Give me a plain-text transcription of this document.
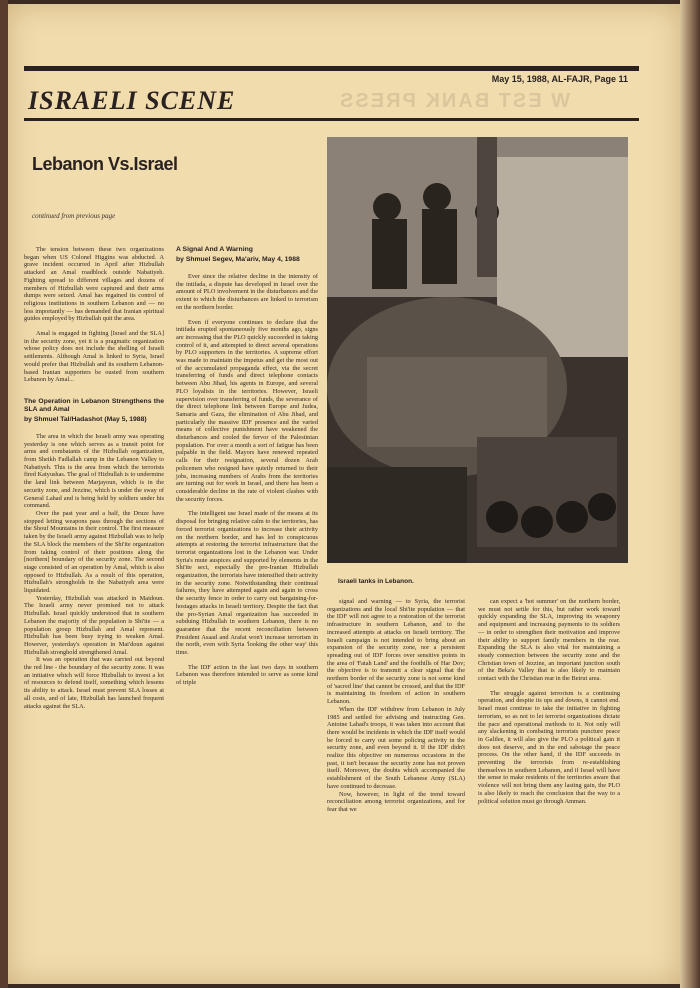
W EST BANK PRESS
May 15, 1988, AL-FAJR, Page 11
ISRAELI SCENE
Lebanon Vs.Israel
continued from previous page

The tension between these two organizations began when US Colonel Higgins was abducted. A grave incident occurred in April after Hizbullah attacked an Amal roadblock outside Nabatiyeh. Fighting spread to different villages and dozens of members of Hizbullah were captured and their arms dumps were seized. Amal has regained its control of religious institutions in southern Lebanon and — no less importantly — has demanded that Iranian spiritual guides employed by Hizbullah quit the area.

Amal is engaged in fighting [Israel and the SLA] in the security zone, yet it is a pragmatic organization whose policy does not include the shelling of Israeli settlements. Although Amal is linked to Syria, Israel would prefer that Hizbullah and its southern Lebanon-based Iranian supporters be ousted from southern Lebanon by Amal...

The Operation in Lebanon Strengthens the SLA and Amal
by Shmuel Tal/Hadashot (May 5, 1988)

The area in which the Israeli army was operating yesterday is one which serves as a transit point for arms and combatants of the Hizbullah organization, from Sheikh Fadlallah camp in the Lebanon Valley to Nabatiyeh. This is the area from which the terrorists fired Katyushas. The goal of Hizbullah is to undermine the land link between Marjayoun, which is in the security zone, and Jezzine, which is under the sway of General Lahad and is being held by soldiers under his command.

Over the past year and a half, the Druze have stopped letting weapons pass through the sections of the Shouf Mountains in their control. The first measure taken by the Israeli army against Hizbullah was to help the SLA block the members of the Shi'ite organization from taking control of their positions along the [northern] boundary of the security zone. The second stage consisted of an operation by Amal, which is also opposed to Hizbullah. As a result of this operation, Hizbullah's strongholds in the Nabatiyeh area were liquidated.

Yesterday, Hizbullah was attacked in Maidoun. The Israeli army never promised not to attack Hizbullah. Israel quickly understood that in southern Lebanon the majority of the population is Shi'ite — a population group Hizbullah and Amal represent. Hizbullah has been busy trying to weaken Amal. However, yesterday's operation in Mai'doun against Hizbullah stronghold strengthened Amal.

It was an operation that was carried out beyond the red line - the boundary of the security zone. It was an initiative which will force Hizbullah to invest a lot of resources to defend itself, something which lessens its ability to attack. Israel must prevent SLA losses at all costs, and of late, Hizbullah has launched frequent attacks against the SLA.

A Signal And A Warning
by Shmuel Segev, Ma'ariv, May 4, 1988

Ever since the relative decline in the intensity of the intifada, a dispute has developed in Israel over the amount of PLO involvement in the disturbances and the extent to which the disturbances are linked to terrorism on the northern border.

Even if everyone continues to declare that the intifada erupted spontaneously five months ago, signs are increasing that the PLO quickly succeeded in taking control of it, and attempted to direct several operations by PLO supporters in the territories. A supreme effort was made to maintain the impetus and get the most out of the accumulated propaganda effect, via the secret transferring of funds and direct telephone contacts between Abu Jihad, his agents in Europe, and several PLO loyalists in the territories. However, Israeli supervision over transferring of funds, the severance of the direct telephone link between Europe and Judea, Samaria and Gaza, the elimination of Abu Jihad, and particularly the massive IDF presence and the varied means of collective punishment have weakened the disturbances and cooled the fervor of the Palestinian population. For over a month a sort of fatigue has been palpable in the field. Mayors have renewed repeated calls for their resignation, several dozen Arab policemen who resigned have quietly returned to their jobs, increasing numbers of Arabs from the territories are turning out for work in Israel, and there has been a considerable decline in the rate of violent clashes with the security forces.

The intelligent use Israel made of the means at its disposal for bringing relative calm to the territories, has forced terrorist organizations to increase their activity on the northern border, and has led to conspicuous attempts at restoring the terrorist infrastructure that the terrorist organizations lost in the Lebanon war. Under Syria's mute auspices and supported by elements in the Shi'ite sect, especially the pro-Iranian Hizbullah organization, the terrorists have intensified their activity in the security zone. Notwithstanding their continual failures, they have attempted again and again to cross the security fence in order to carry out bargaining-for-hostages attacks in Israeli territory. Despite the fact that the pro-Syrian Amal organization has succeeded in subduing Hizbullah in southern Lebanon, there is no guarantee that the recent reconciliation between President Asaad and Arafat won't increase terrorism in the north, even with Syria 'looking the other way' this time.

The IDF action in the last two days in southern Lebanon was therefore intended to serve as some kind of triple

Israeli tanks in Lebanon.

signal and warning — to Syria, the terrorist organizations and the local Shi'ite population — that the IDF will not agree to a restoration of the terrorist infrastructure in southern Lebanon, and to the increased attempts at attacks on Israeli territory. The Israeli campaign is not intended to bring about an expansion of the security zone, nor a persistent spreading out of IDF forces over sensitive points in the area of 'Fatah Land' and the foothills of Har Dov; the objective is to transmit a clear signal that the northern border of the security zone is not some kind of 'sacred line' that cannot be crossed, and that the IDF is maintaining its freedom of action in southern Lebanon.

When the IDF withdrew from Lebanon in July 1985 and settled for advising and instructing Gen. Antoine Lahad's troops, it was taken into account that there would be incidents in which the IDF itself would be forced to carry out some policing activity in the security zone, and even beyond it. If the IDF didn't realize this objective on numerous occasions in the past, it isn't because the security zone has not proven itself. Moreover, the doubts which accompanied the establishment of the South Lebanese Army (SLA) have continued to decrease.

Now, however, in light of the trend toward reconciliation among terrorist organizations, and for fear that we

can expect a 'hot summer' on the northern border, we must not settle for this, but rather work toward quickly expanding the SLA, improving its weaponry and equipment and increasing payments to its soldiers — in order to strengthen their motivation and improve their ability to support family members in the rear. Expanding the SLA is also vital for maintaining a steady connection between the security zone and the Christian town of Jezzine, an important junction south of the Beka'a Valley that is also likely to maintain contact with the Christian rear in the Beirut area.

The struggle against terrorism is a continuing operation, and despite its ups and downs, it cannot end. Israel must continue to take the initiative in fighting terrorism, so as not to let terrorist organizations dictate the pace and operational methods to it. Not only will any slackening in combating terrorists puncture peace in Galilee, it will also give the PLO a political gain it does not deserve, and in the end sabotage the peace process. On the other hand, if the IDF succeeds in preventing the terrorists from re-establishing themselves in southern Lebanon, and if Israel will have the sense to make residents of the territories aware that violence will not bring them any lasting gain, the PLO is also likely to reach the conclusion that the way to a political solution must go through Amman.
